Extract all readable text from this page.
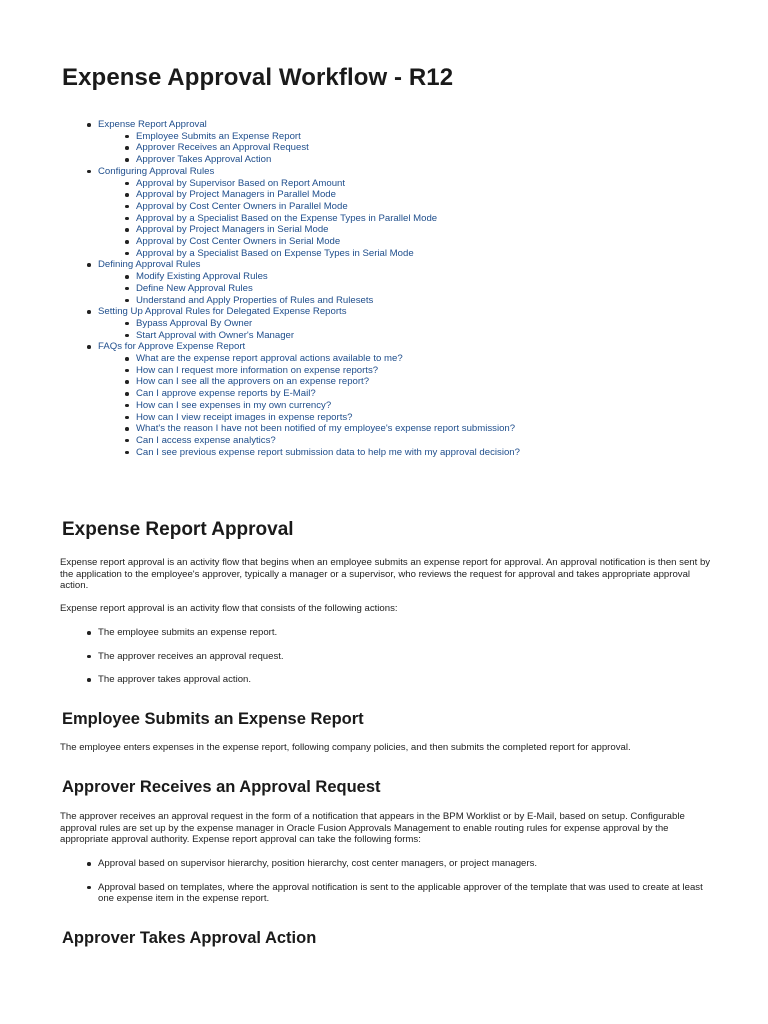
Expense Approval Workflow - R12
Expense Report Approval
Employee Submits an Expense Report
Approver Receives an Approval Request
Approver Takes Approval Action
Configuring Approval Rules
Approval by Supervisor Based on Report Amount
Approval by Project Managers in Parallel Mode
Approval by Cost Center Owners in Parallel Mode
Approval by a Specialist Based on the Expense Types in Parallel Mode
Approval by Project Managers in Serial Mode
Approval by Cost Center Owners in Serial Mode
Approval by a Specialist Based on Expense Types in Serial Mode
Defining Approval Rules
Modify Existing Approval Rules
Define New Approval Rules
Understand and Apply Properties of Rules and Rulesets
Setting Up Approval Rules for Delegated Expense Reports
Bypass Approval By Owner
Start Approval with Owner's Manager
FAQs for Approve Expense Report
What are the expense report approval actions available to me?
How can I request more information on expense reports?
How can I see all the approvers on an expense report?
Can I approve expense reports by E-Mail?
How can I see expenses in my own currency?
How can I view receipt images in expense reports?
What's the reason I have not been notified of my employee's expense report submission?
Can I access expense analytics?
Can I see previous expense report submission data to help me with my approval decision?
Expense Report Approval

Expense report approval is an activity flow that begins when an employee submits an expense report for approval. An approval notification is then sent by the application to the employee's approver, typically a manager or a supervisor, who reviews the request for approval and takes appropriate approval action.

Expense report approval is an activity flow that consists of the following actions:

The employee submits an expense report.
The approver receives an approval request.
The approver takes approval action.
Employee Submits an Expense Report

The employee enters expenses in the expense report, following company policies, and then submits the completed report for approval.

Approver Receives an Approval Request

The approver receives an approval request in the form of a notification that appears in the BPM Worklist or by E-Mail, based on setup. Configurable approval rules are set up by the expense manager in Oracle Fusion Approvals Management to enable routing rules for expense approval by the appropriate approval authority. Expense report approval can take the following forms:

Approval based on supervisor hierarchy, position hierarchy, cost center managers, or project managers.
Approval based on templates, where the approval notification is sent to the applicable approver of the template that was used to create at least one expense item in the expense report.
Approver Takes Approval Action
